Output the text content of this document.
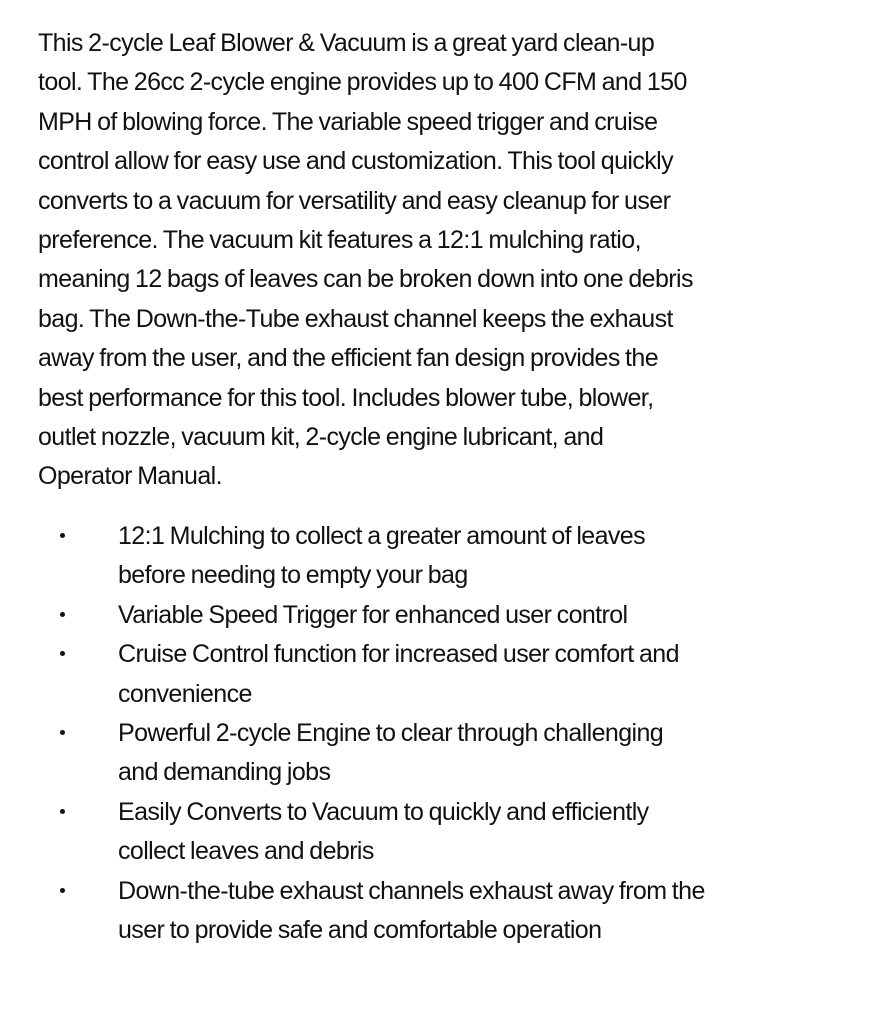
This 2-cycle Leaf Blower & Vacuum is a great yard clean-up
tool. The 26cc 2-cycle engine provides up to 400 CFM and 150
MPH of blowing force. The variable speed trigger and cruise
control allow for easy use and customization. This tool quickly
converts to a vacuum for versatility and easy cleanup for user
preference. The vacuum kit features a 12:1 mulching ratio,
meaning 12 bags of leaves can be broken down into one debris
bag. The Down-the-Tube exhaust channel keeps the exhaust
away from the user, and the efficient fan design provides the
best performance for this tool. Includes blower tube, blower,
outlet nozzle, vacuum kit, 2-cycle engine lubricant, and
Operator Manual.

12:1 Mulching to collect a greater amount of leaves
before needing to empty your bag
Variable Speed Trigger for enhanced user control
Cruise Control function for increased user comfort and
convenience
Powerful 2-cycle Engine to clear through challenging
and demanding jobs
Easily Converts to Vacuum to quickly and efficiently
collect leaves and debris
Down-the-tube exhaust channels exhaust away from the
user to provide safe and comfortable operation
